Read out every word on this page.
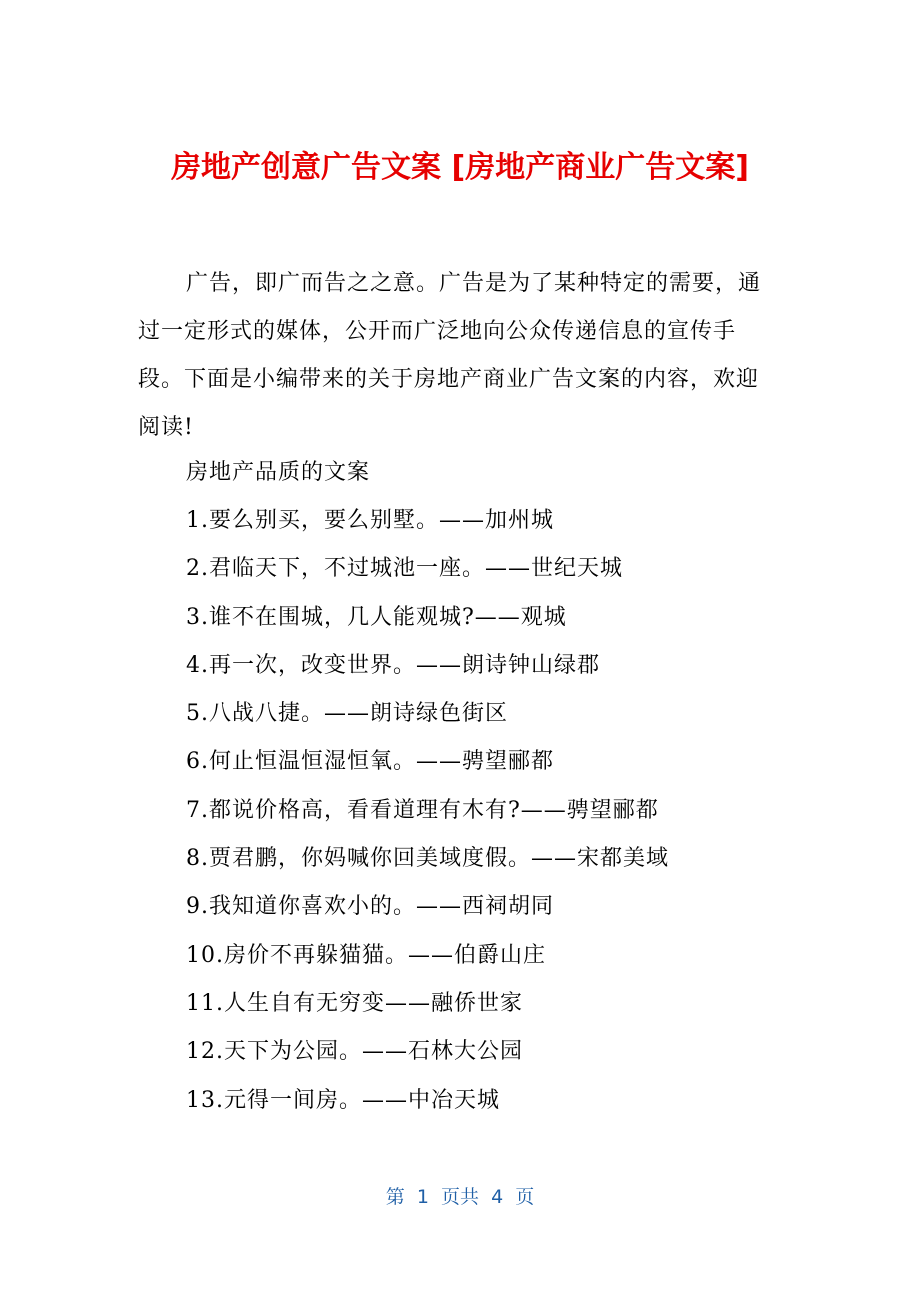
房地产创意广告文案 [房地产商业广告文案]

广告，即广而告之之意。广告是为了某种特定的需要，通过一定形式的媒体，公开而广泛地向公众传递信息的宣传手段。下面是小编带来的关于房地产商业广告文案的内容，欢迎阅读!

房地产品质的文案

1.要么别买，要么别墅。——加州城
2.君临天下，不过城池一座。——世纪天城
3.谁不在围城，几人能观城?——观城
4.再一次，改变世界。——朗诗钟山绿郡
5.八战八捷。——朗诗绿色街区
6.何止恒温恒湿恒氧。——骋望郦都
7.都说价格高，看看道理有木有?——骋望郦都
8.贾君鹏，你妈喊你回美域度假。——宋都美域
9.我知道你喜欢小的。——西祠胡同
10.房价不再躲猫猫。——伯爵山庄
11.人生自有无穷变——融侨世家
12.天下为公园。——石林大公园
13.元得一间房。——中冶天城
第  1  页共  4  页
